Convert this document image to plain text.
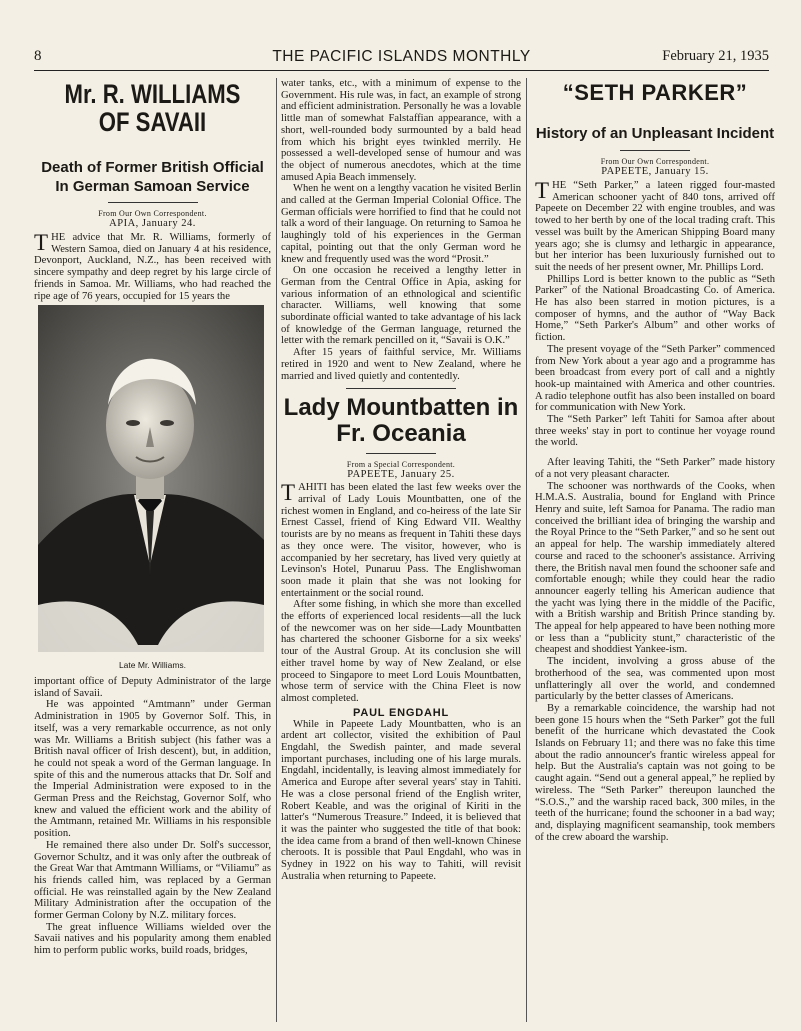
THE PACIFIC ISLANDS MONTHLY
8	February 21, 1935
Mr. R. WILLIAMS OF SAVAII
Death of Former British Official In German Samoan Service

From Our Own Correspondent.

APIA, January 24.

THE advice that Mr. R. Williams, formerly of Western Samoa, died on January 4 at his residence, Devonport, Auckland, N.Z., has been received with sincere sympathy and deep regret by his large circle of friends in Samoa. Mr. Williams, who had reached the ripe age of 76 years, occupied for 15 years the

Late Mr. Williams.

important office of Deputy Administrator of the large island of Savaii.

He was appointed “Amtmann” under German Administration in 1905 by Governor Solf. This, in itself, was a very remarkable occurrence, as not only was Mr. Williams a British subject (his father was a British naval officer of Irish descent), but, in addition, he could not speak a word of the German language. In spite of this and the numerous attacks that Dr. Solf and the Imperial Administration were exposed to in the German Press and the Reichstag, Governor Solf, who knew and valued the efficient work and the ability of the Amtmann, retained Mr. Williams in his responsible position.

He remained there also under Dr. Solf's successor, Governor Schultz, and it was only after the outbreak of the Great War that Amtmann Williams, or “Viliamu” as his friends called him, was replaced by a German official. He was reinstalled again by the New Zealand Military Administration after the occupation of the former German Colony by N.Z. military forces.

The great influence Williams wielded over the Savaii natives and his popularity among them enabled him to perform public works, build roads, bridges,

water tanks, etc., with a minimum of expense to the Government. His rule was, in fact, an example of strong and efficient administration. Personally he was a lovable little man of somewhat Falstaffian appearance, with a short, well-rounded body surmounted by a bald head from which his bright eyes twinkled merrily. He possessed a well-developed sense of humour and was the object of numerous anecdotes, which at the time amused Apia Beach immensely.

When he went on a lengthy vacation he visited Berlin and called at the German Imperial Colonial Office. The German officials were horrified to find that he could not talk a word of their language. On returning to Samoa he laughingly told of his experiences in the German capital, pointing out that the only German word he knew and frequently used was the word “Prosit.”

On one occasion he received a lengthy letter in German from the Central Office in Apia, asking for various information of an ethnological and scientific character. Williams, well knowing that some subordinate official wanted to take advantage of his lack of knowledge of the German language, returned the letter with the remark pencilled on it, “Savaii is O.K.”

After 15 years of faithful service, Mr. Williams retired in 1920 and went to New Zealand, where he married and lived quietly and contentedly.

Lady Mountbatten in Fr. Oceania

From a Special Correspondent.

PAPEETE, January 25.

TAHITI has been elated the last few weeks over the arrival of Lady Louis Mountbatten, one of the richest women in England, and co-heiress of the late Sir Ernest Cassel, friend of King Edward VII. Wealthy tourists are by no means as frequent in Tahiti these days as they once were. The visitor, however, who is accompanied by her secretary, has lived very quietly at Levinson's Hotel, Punaruu Pass. The Englishwoman soon made it plain that she was not looking for entertainment or the social round.

After some fishing, in which she more than excelled the efforts of experienced local residents—all the luck of the newcomer was on her side—Lady Mountbatten has chartered the schooner Gisborne for a six weeks' tour of the Austral Group. At its conclusion she will either travel home by way of New Zealand, or else proceed to Singapore to meet Lord Louis Mountbatten, whose term of service with the China Fleet is now almost completed.

PAUL ENGDAHL

While in Papeete Lady Mountbatten, who is an ardent art collector, visited the exhibition of Paul Engdahl, the Swedish painter, and made several important purchases, including one of his large murals. Engdahl, incidentally, is leaving almost immediately for America and Europe after several years' stay in Tahiti. He was a close personal friend of the English writer, Robert Keable, and was the original of Kiriti in the latter's “Numerous Treasure.” Indeed, it is believed that it was the painter who suggested the title of that book: the idea came from a brand of then well-known Chinese cheroots. It is possible that Paul Engdahl, who was in Sydney in 1922 on his way to Tahiti, will revisit Australia when returning to Papeete.

“SETH PARKER”
History of an Unpleasant Incident

From Our Own Correspondent.

PAPEETE, January 15.

THE “Seth Parker,” a lateen rigged four-masted American schooner yacht of 840 tons, arrived off Papeete on December 22 with engine troubles, and was towed to her berth by one of the local trading craft. This vessel was built by the American Shipping Board many years ago; she is clumsy and lethargic in appearance, but her interior has been luxuriously furnished out to suit the needs of her present owner, Mr. Phillips Lord.

Phillips Lord is better known to the public as “Seth Parker” of the National Broadcasting Co. of America. He has also been starred in motion pictures, is a composer of hymns, and the author of “Way Back Home,” “Seth Parker's Album” and other works of fiction.

The present voyage of the “Seth Parker” commenced from New York about a year ago and a programme has been broadcast from every port of call and a nightly hook-up maintained with America and other countries. A radio telephone outfit has also been installed on board for communication with New York.

The “Seth Parker” left Tahiti for Samoa after about three weeks' stay in port to continue her voyage round the world.

After leaving Tahiti, the “Seth Parker” made history of a not very pleasant character.

The schooner was northwards of the Cooks, when H.M.A.S. Australia, bound for England with Prince Henry and suite, left Samoa for Panama. The radio man conceived the brilliant idea of bringing the warship and the Royal Prince to the “Seth Parker,” and so he sent out an appeal for help. The warship immediately altered course and raced to the schooner's assistance. Arriving there, the British naval men found the schooner safe and comfortable enough; while they could hear the radio announcer eagerly telling his American audience that the yacht was lying there in the middle of the Pacific, with a British warship and British Prince standing by. The appeal for help appeared to have been nothing more or less than a “publicity stunt,” characteristic of the cheapest and shoddiest Yankee-ism.

The incident, involving a gross abuse of the brotherhood of the sea, was commented upon most unflatteringly all over the world, and condemned particularly by the better classes of Americans.

By a remarkable coincidence, the warship had not been gone 15 hours when the “Seth Parker” got the full benefit of the hurricane which devastated the Cook Islands on February 11; and there was no fake this time about the radio announcer's frantic wireless appeal for help. But the Australia's captain was not going to be caught again. “Send out a general appeal,” he replied by wireless. The “Seth Parker” thereupon launched the “S.O.S.,” and the warship raced back, 300 miles, in the teeth of the hurricane; found the schooner in a bad way; and, displaying magnificent seamanship, took members of the crew aboard the warship.
